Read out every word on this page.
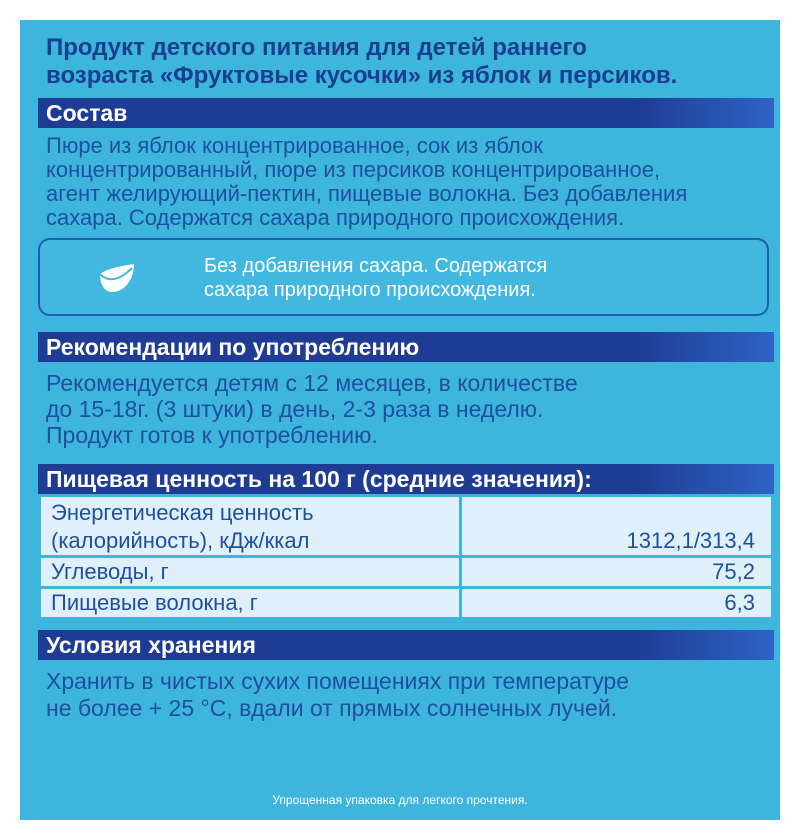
Продукт детского питания для детей раннего
возраста «Фруктовые кусочки» из яблок и персиков.
Состав
Пюре из яблок концентрированное, сок из яблок
концентрированный, пюре из персиков концентрированное,
агент желирующий-пектин, пищевые волокна. Без добавления
сахара. Содержатся сахара природного происхождения.
Без добавления сахара. Содержатся
сахара природного происхождения.
Рекомендации по употреблению
Рекомендуется детям с 12 месяцев, в количестве
до 15-18г. (3 штуки) в день, 2-3 раза в неделю.
Продукт готов к употреблению.
Пищевая ценность на 100 г (средние значения):
Энергетическая ценность
(калорийность), кДж/ккал	1312,1/313,4
Углеводы, г	75,2
Пищевые волокна, г	6,3
Условия хранения
Хранить в чистых сухих помещениях при температуре
не более + 25 °С, вдали от прямых солнечных лучей.
Упрощенная упаковка для легкого прочтения.
